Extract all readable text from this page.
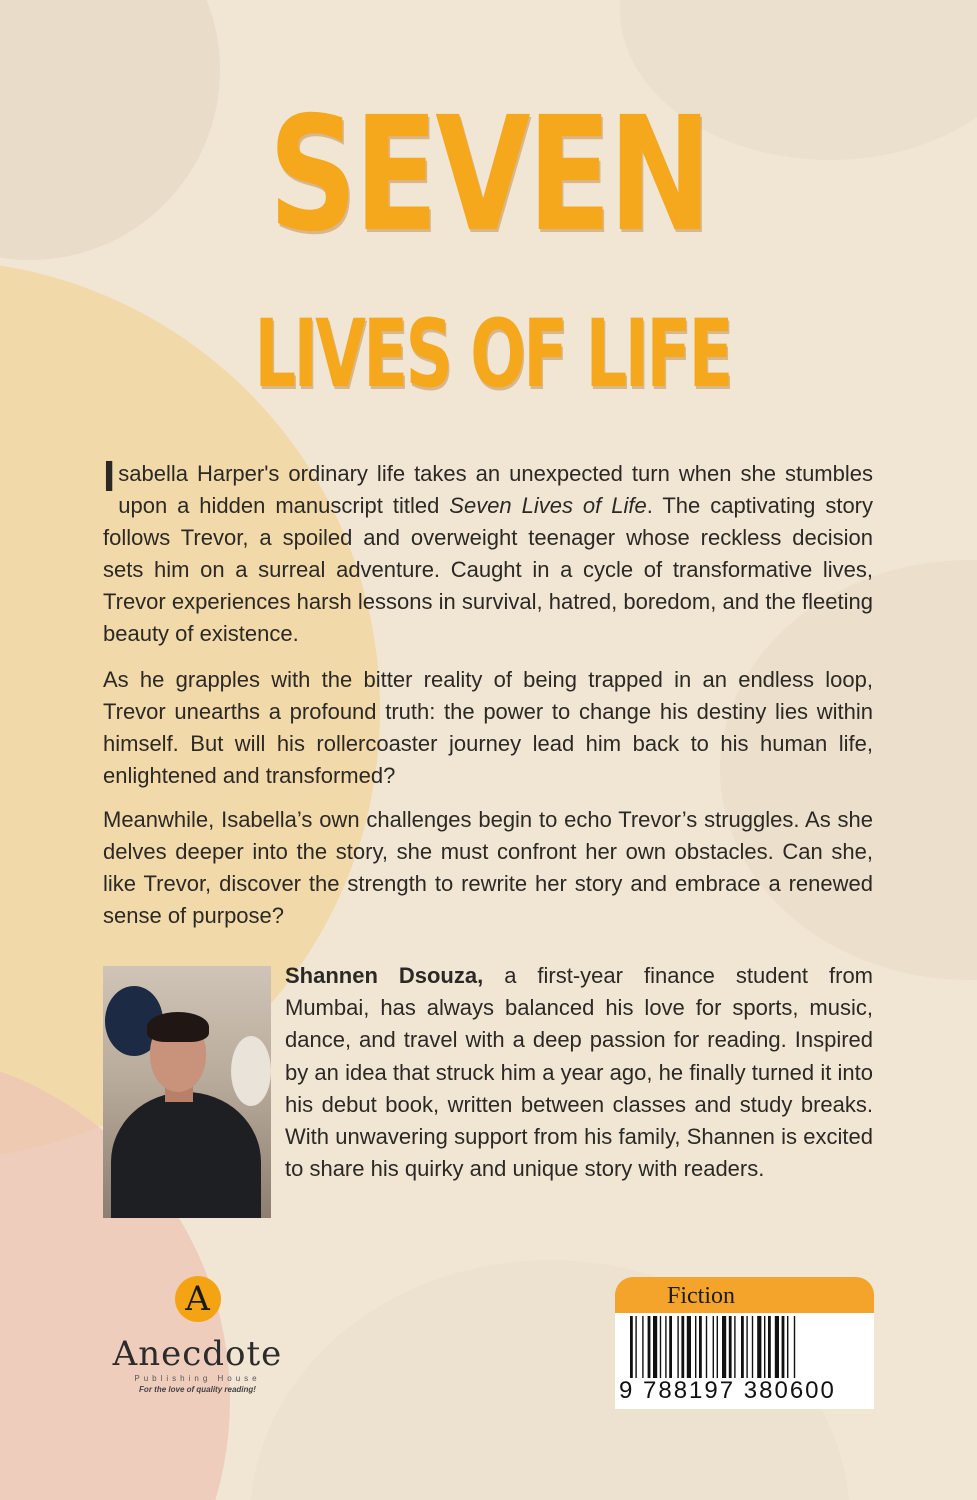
SEVEN
LIVES OF LIFE
Isabella Harper's ordinary life takes an unexpected turn when she stumbles upon a hidden manuscript titled Seven Lives of Life. The captivating story follows Trevor, a spoiled and overweight teenager whose reckless decision sets him on a surreal adventure. Caught in a cycle of transformative lives, Trevor experiences harsh lessons in survival, hatred, boredom, and the fleeting beauty of existence.
As he grapples with the bitter reality of being trapped in an endless loop, Trevor unearths a profound truth: the power to change his destiny lies within himself. But will his rollercoaster journey lead him back to his human life, enlightened and transformed?
Meanwhile, Isabella’s own challenges begin to echo Trevor’s struggles. As she delves deeper into the story, she must confront her own obstacles. Can she, like Trevor, discover the strength to rewrite her story and embrace a renewed sense of purpose?
Shannen Dsouza, a first-year finance student from Mumbai, has always balanced his love for sports, music, dance, and travel with a deep passion for reading. Inspired by an idea that struck him a year ago, he finally turned it into his debut book, written between classes and study breaks. With unwavering support from his family, Shannen is excited to share his quirky and unique story with readers.
A
Anecdote
Publishing House
For the love of quality reading!
Fiction
9 788197 380600
